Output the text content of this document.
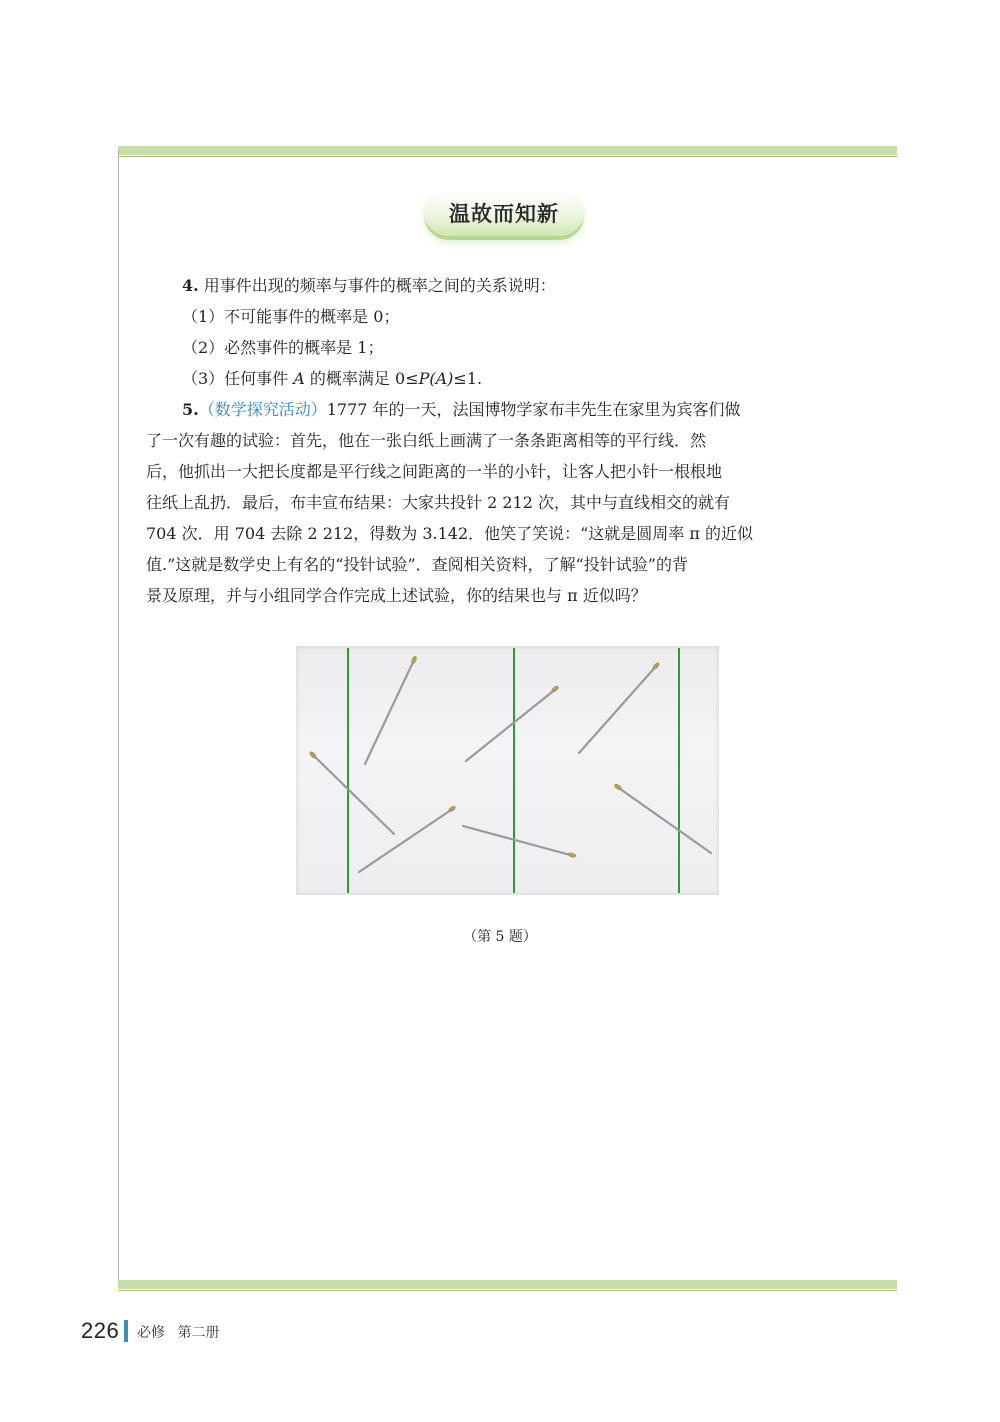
温故而知新

4. 用事件出现的频率与事件的概率之间的关系说明：

（1）不可能事件的概率是 0；

（2）必然事件的概率是 1；

（3）任何事件 A 的概率满足 0≤P(A)≤1.

5.（数学探究活动）1777 年的一天，法国博物学家布丰先生在家里为宾客们做
了一次有趣的试验：首先，他在一张白纸上画满了一条条距离相等的平行线．然
后，他抓出一大把长度都是平行线之间距离的一半的小针，让客人把小针一根根地
往纸上乱扔．最后，布丰宣布结果：大家共投针 2 212 次，其中与直线相交的就有
704 次．用 704 去除 2 212，得数为 3.142．他笑了笑说：“这就是圆周率 π 的近似
值.”这就是数学史上有名的“投针试验”．查阅相关资料，了解“投针试验”的背
景及原理，并与小组同学合作完成上述试验，你的结果也与 π 近似吗？
（第 5 题）
226 必修 第二册
